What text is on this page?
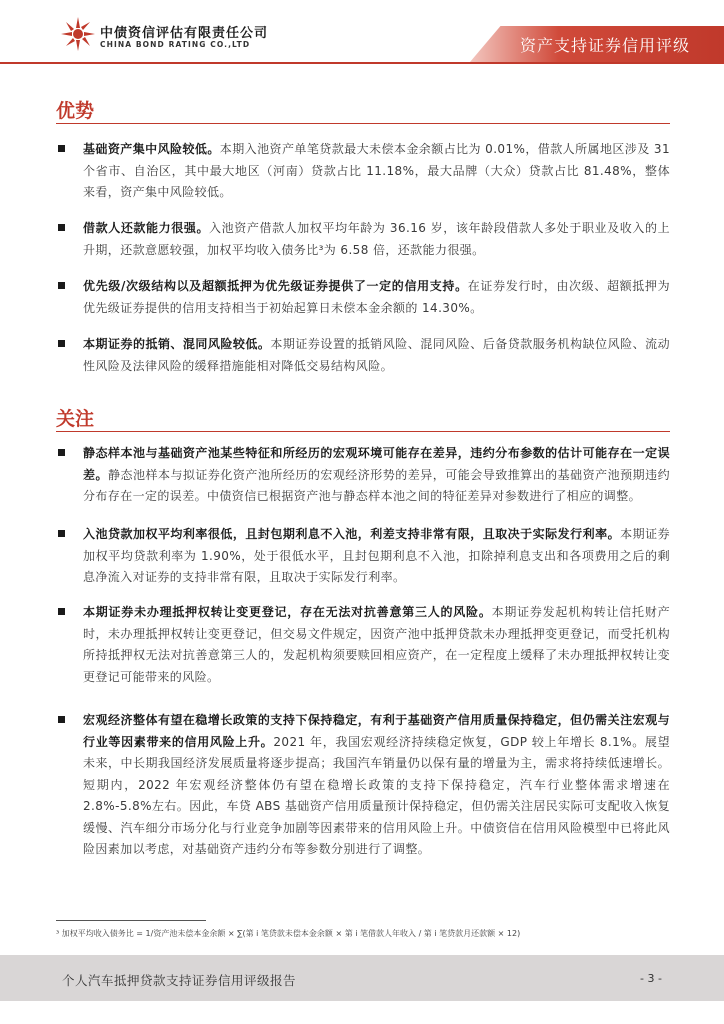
中债资信评估有限责任公司
CHINA BOND RATING CO.,LTD	资产支持证券信用评级
优势
基础资产集中风险较低。本期入池资产单笔贷款最大未偿本金余额占比为 0.01%，借款人所属地区涉及 31 个省市、自治区，其中最大地区（河南）贷款占比 11.18%，最大品牌（大众）贷款占比 81.48%，整体来看，资产集中风险较低。
借款人还款能力很强。入池资产借款人加权平均年龄为 36.16 岁，该年龄段借款人多处于职业及收入的上升期，还款意愿较强，加权平均收入债务比³为 6.58 倍，还款能力很强。
优先级/次级结构以及超额抵押为优先级证券提供了一定的信用支持。在证券发行时，由次级、超额抵押为优先级证券提供的信用支持相当于初始起算日未偿本金余额的 14.30%。
本期证券的抵销、混同风险较低。本期证券设置的抵销风险、混同风险、后备贷款服务机构缺位风险、流动性风险及法律风险的缓释措施能相对降低交易结构风险。
关注
静态样本池与基础资产池某些特征和所经历的宏观环境可能存在差异，违约分布参数的估计可能存在一定误差。静态池样本与拟证券化资产池所经历的宏观经济形势的差异，可能会导致推算出的基础资产池预期违约分布存在一定的误差。中债资信已根据资产池与静态样本池之间的特征差异对参数进行了相应的调整。
入池贷款加权平均利率很低，且封包期利息不入池，利差支持非常有限，且取决于实际发行利率。本期证券加权平均贷款利率为 1.90%，处于很低水平，且封包期利息不入池，扣除掉利息支出和各项费用之后的剩息净流入对证券的支持非常有限，且取决于实际发行利率。
本期证券未办理抵押权转让变更登记，存在无法对抗善意第三人的风险。本期证券发起机构转让信托财产时，未办理抵押权转让变更登记，但交易文件规定，因资产池中抵押贷款未办理抵押变更登记，而受托机构所持抵押权无法对抗善意第三人的，发起机构须要赎回相应资产，在一定程度上缓释了未办理抵押权转让变更登记可能带来的风险。
宏观经济整体有望在稳增长政策的支持下保持稳定，有利于基础资产信用质量保持稳定，但仍需关注宏观与行业等因素带来的信用风险上升。2021 年，我国宏观经济持续稳定恢复，GDP 较上年增长 8.1%。展望未来，中长期我国经济发展质量将逐步提高；我国汽车销量仍以保有量的增量为主，需求将持续低速增长。短期内，2022 年宏观经济整体仍有望在稳增长政策的支持下保持稳定，汽车行业整体需求增速在 2.8%-5.8%左右。因此，车贷 ABS 基础资产信用质量预计保持稳定，但仍需关注居民实际可支配收入恢复缓慢、汽车细分市场分化与行业竞争加剧等因素带来的信用风险上升。中债资信在信用风险模型中已将此风险因素加以考虑，对基础资产违约分布等参数分别进行了调整。
³ 加权平均收入债务比 = 1/资产池未偿本金余额 × ∑(第 i 笔贷款未偿本金余额 × 第 i 笔借款人年收入 / 第 i 笔贷款月还款额 × 12)
个人汽车抵押贷款支持证券信用评级报告	- 3 -
